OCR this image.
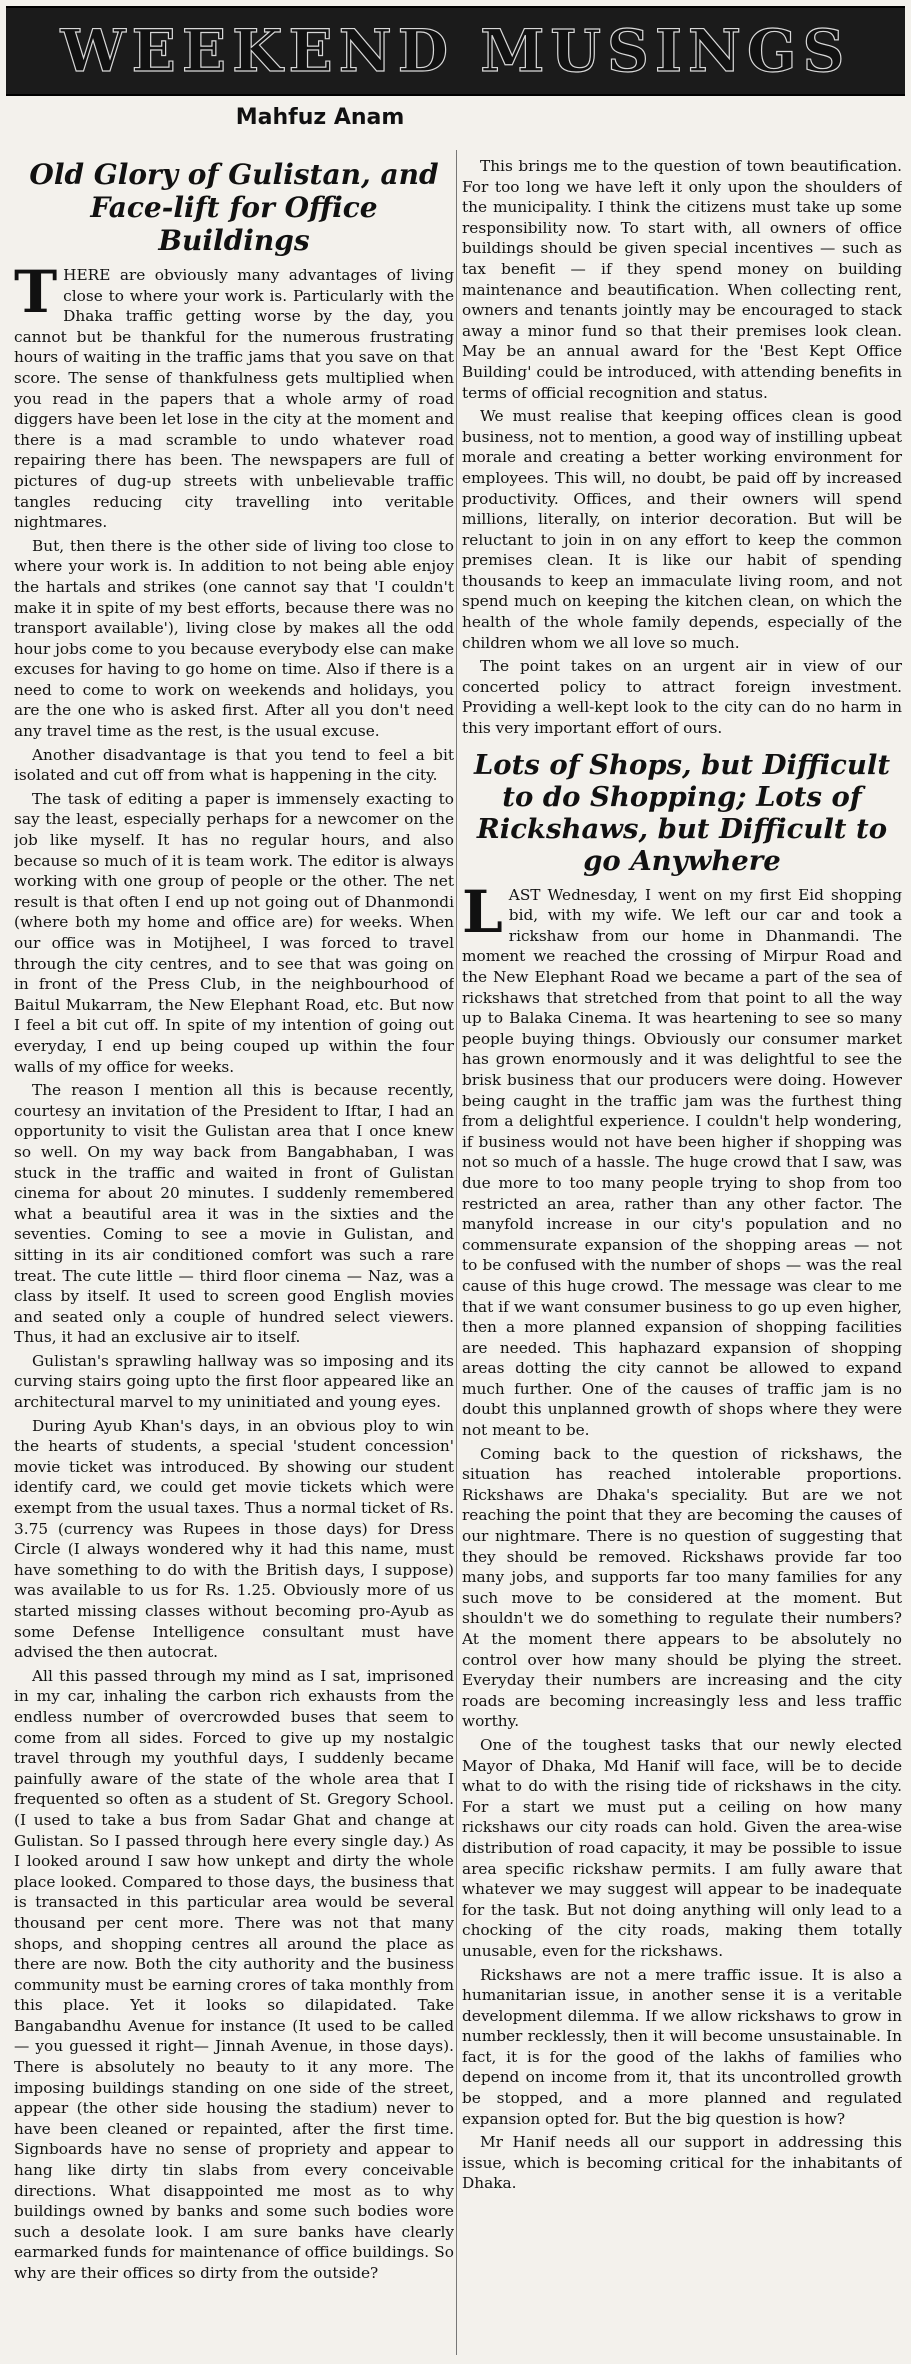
WEEKEND MUSINGS
Mahfuz Anam
Old Glory of Gulistan, and Face-lift for Office Buildings

THERE are obviously many advantages of living close to where your work is. Particularly with the Dhaka traffic getting worse by the day, you cannot but be thankful for the numerous frustrating hours of waiting in the traffic jams that you save on that score. The sense of thankfulness gets multiplied when you read in the papers that a whole army of road diggers have been let lose in the city at the moment and there is a mad scramble to undo whatever road repairing there has been. The newspapers are full of pictures of dug-up streets with unbelievable traffic tangles reducing city travelling into veritable nightmares.

But, then there is the other side of living too close to where your work is. In addition to not being able enjoy the hartals and strikes (one cannot say that 'I couldn't make it in spite of my best efforts, because there was no transport available'), living close by makes all the odd hour jobs come to you because everybody else can make excuses for having to go home on time. Also if there is a need to come to work on weekends and holidays, you are the one who is asked first. After all you don't need any travel time as the rest, is the usual excuse.

Another disadvantage is that you tend to feel a bit isolated and cut off from what is happening in the city.

The task of editing a paper is immensely exacting to say the least, especially perhaps for a newcomer on the job like myself. It has no regular hours, and also because so much of it is team work. The editor is always working with one group of people or the other. The net result is that often I end up not going out of Dhanmondi (where both my home and office are) for weeks. When our office was in Motijheel, I was forced to travel through the city centres, and to see that was going on in front of the Press Club, in the neighbourhood of Baitul Mukarram, the New Elephant Road, etc. But now I feel a bit cut off. In spite of my intention of going out everyday, I end up being couped up within the four walls of my office for weeks.

The reason I mention all this is because recently, courtesy an invitation of the President to Iftar, I had an opportunity to visit the Gulistan area that I once knew so well. On my way back from Bangabhaban, I was stuck in the traffic and waited in front of Gulistan cinema for about 20 minutes. I suddenly remembered what a beautiful area it was in the sixties and the seventies. Coming to see a movie in Gulistan, and sitting in its air conditioned comfort was such a rare treat. The cute little — third floor cinema — Naz, was a class by itself. It used to screen good English movies and seated only a couple of hundred select viewers. Thus, it had an exclusive air to itself.

Gulistan's sprawling hallway was so imposing and its curving stairs going upto the first floor appeared like an architectural marvel to my uninitiated and young eyes.

During Ayub Khan's days, in an obvious ploy to win the hearts of students, a special 'student concession' movie ticket was introduced. By showing our student identify card, we could get movie tickets which were exempt from the usual taxes. Thus a normal ticket of Rs. 3.75 (currency was Rupees in those days) for Dress Circle (I always wondered why it had this name, must have something to do with the British days, I suppose) was available to us for Rs. 1.25. Obviously more of us started missing classes without becoming pro-Ayub as some Defense Intelligence consultant must have advised the then autocrat.

All this passed through my mind as I sat, imprisoned in my car, inhaling the carbon rich exhausts from the endless number of overcrowded buses that seem to come from all sides. Forced to give up my nostalgic travel through my youthful days, I suddenly became painfully aware of the state of the whole area that I frequented so often as a student of St. Gregory School. (I used to take a bus from Sadar Ghat and change at Gulistan. So I passed through here every single day.) As I looked around I saw how unkept and dirty the whole place looked. Compared to those days, the business that is transacted in this particular area would be several thousand per cent more. There was not that many shops, and shopping centres all around the place as there are now. Both the city authority and the business community must be earning crores of taka monthly from this place. Yet it looks so dilapidated. Take Bangabandhu Avenue for instance (It used to be called — you guessed it right— Jinnah Avenue, in those days). There is absolutely no beauty to it any more. The imposing buildings standing on one side of the street, appear (the other side housing the stadium) never to have been cleaned or repainted, after the first time. Signboards have no sense of propriety and appear to hang like dirty tin slabs from every conceivable directions. What disappointed me most as to why buildings owned by banks and some such bodies wore such a desolate look. I am sure banks have clearly earmarked funds for maintenance of office buildings. So why are their offices so dirty from the outside?

This brings me to the question of town beautification. For too long we have left it only upon the shoulders of the municipality. I think the citizens must take up some responsibility now. To start with, all owners of office buildings should be given special incentives — such as tax benefit — if they spend money on building maintenance and beautification. When collecting rent, owners and tenants jointly may be encouraged to stack away a minor fund so that their premises look clean. May be an annual award for the 'Best Kept Office Building' could be introduced, with attending benefits in terms of official recognition and status.

We must realise that keeping offices clean is good business, not to mention, a good way of instilling upbeat morale and creating a better working environment for employees. This will, no doubt, be paid off by increased productivity. Offices, and their owners will spend millions, literally, on interior decoration. But will be reluctant to join in on any effort to keep the common premises clean. It is like our habit of spending thousands to keep an immaculate living room, and not spend much on keeping the kitchen clean, on which the health of the whole family depends, especially of the children whom we all love so much.

The point takes on an urgent air in view of our concerted policy to attract foreign investment. Providing a well-kept look to the city can do no harm in this very important effort of ours.

Lots of Shops, but Difficult to do Shopping; Lots of Rickshaws, but Difficult to go Anywhere

LAST Wednesday, I went on my first Eid shopping bid, with my wife. We left our car and took a rickshaw from our home in Dhanmandi. The moment we reached the crossing of Mirpur Road and the New Elephant Road we became a part of the sea of rickshaws that stretched from that point to all the way up to Balaka Cinema. It was heartening to see so many people buying things. Obviously our consumer market has grown enormously and it was delightful to see the brisk business that our producers were doing. However being caught in the traffic jam was the furthest thing from a delightful experience. I couldn't help wondering, if business would not have been higher if shopping was not so much of a hassle. The huge crowd that I saw, was due more to too many people trying to shop from too restricted an area, rather than any other factor. The manyfold increase in our city's population and no commensurate expansion of the shopping areas — not to be confused with the number of shops — was the real cause of this huge crowd. The message was clear to me that if we want consumer business to go up even higher, then a more planned expansion of shopping facilities are needed. This haphazard expansion of shopping areas dotting the city cannot be allowed to expand much further. One of the causes of traffic jam is no doubt this unplanned growth of shops where they were not meant to be.

Coming back to the question of rickshaws, the situation has reached intolerable proportions. Rickshaws are Dhaka's speciality. But are we not reaching the point that they are becoming the causes of our nightmare. There is no question of suggesting that they should be removed. Rickshaws provide far too many jobs, and supports far too many families for any such move to be considered at the moment. But shouldn't we do something to regulate their numbers? At the moment there appears to be absolutely no control over how many should be plying the street. Everyday their numbers are increasing and the city roads are becoming increasingly less and less traffic worthy.

One of the toughest tasks that our newly elected Mayor of Dhaka, Md Hanif will face, will be to decide what to do with the rising tide of rickshaws in the city. For a start we must put a ceiling on how many rickshaws our city roads can hold. Given the area-wise distribution of road capacity, it may be possible to issue area specific rickshaw permits. I am fully aware that whatever we may suggest will appear to be inadequate for the task. But not doing anything will only lead to a chocking of the city roads, making them totally unusable, even for the rickshaws.

Rickshaws are not a mere traffic issue. It is also a humanitarian issue, in another sense it is a veritable development dilemma. If we allow rickshaws to grow in number recklessly, then it will become unsustainable. In fact, it is for the good of the lakhs of families who depend on income from it, that its uncontrolled growth be stopped, and a more planned and regulated expansion opted for. But the big question is how?

Mr Hanif needs all our support in addressing this issue, which is becoming critical for the inhabitants of Dhaka.
